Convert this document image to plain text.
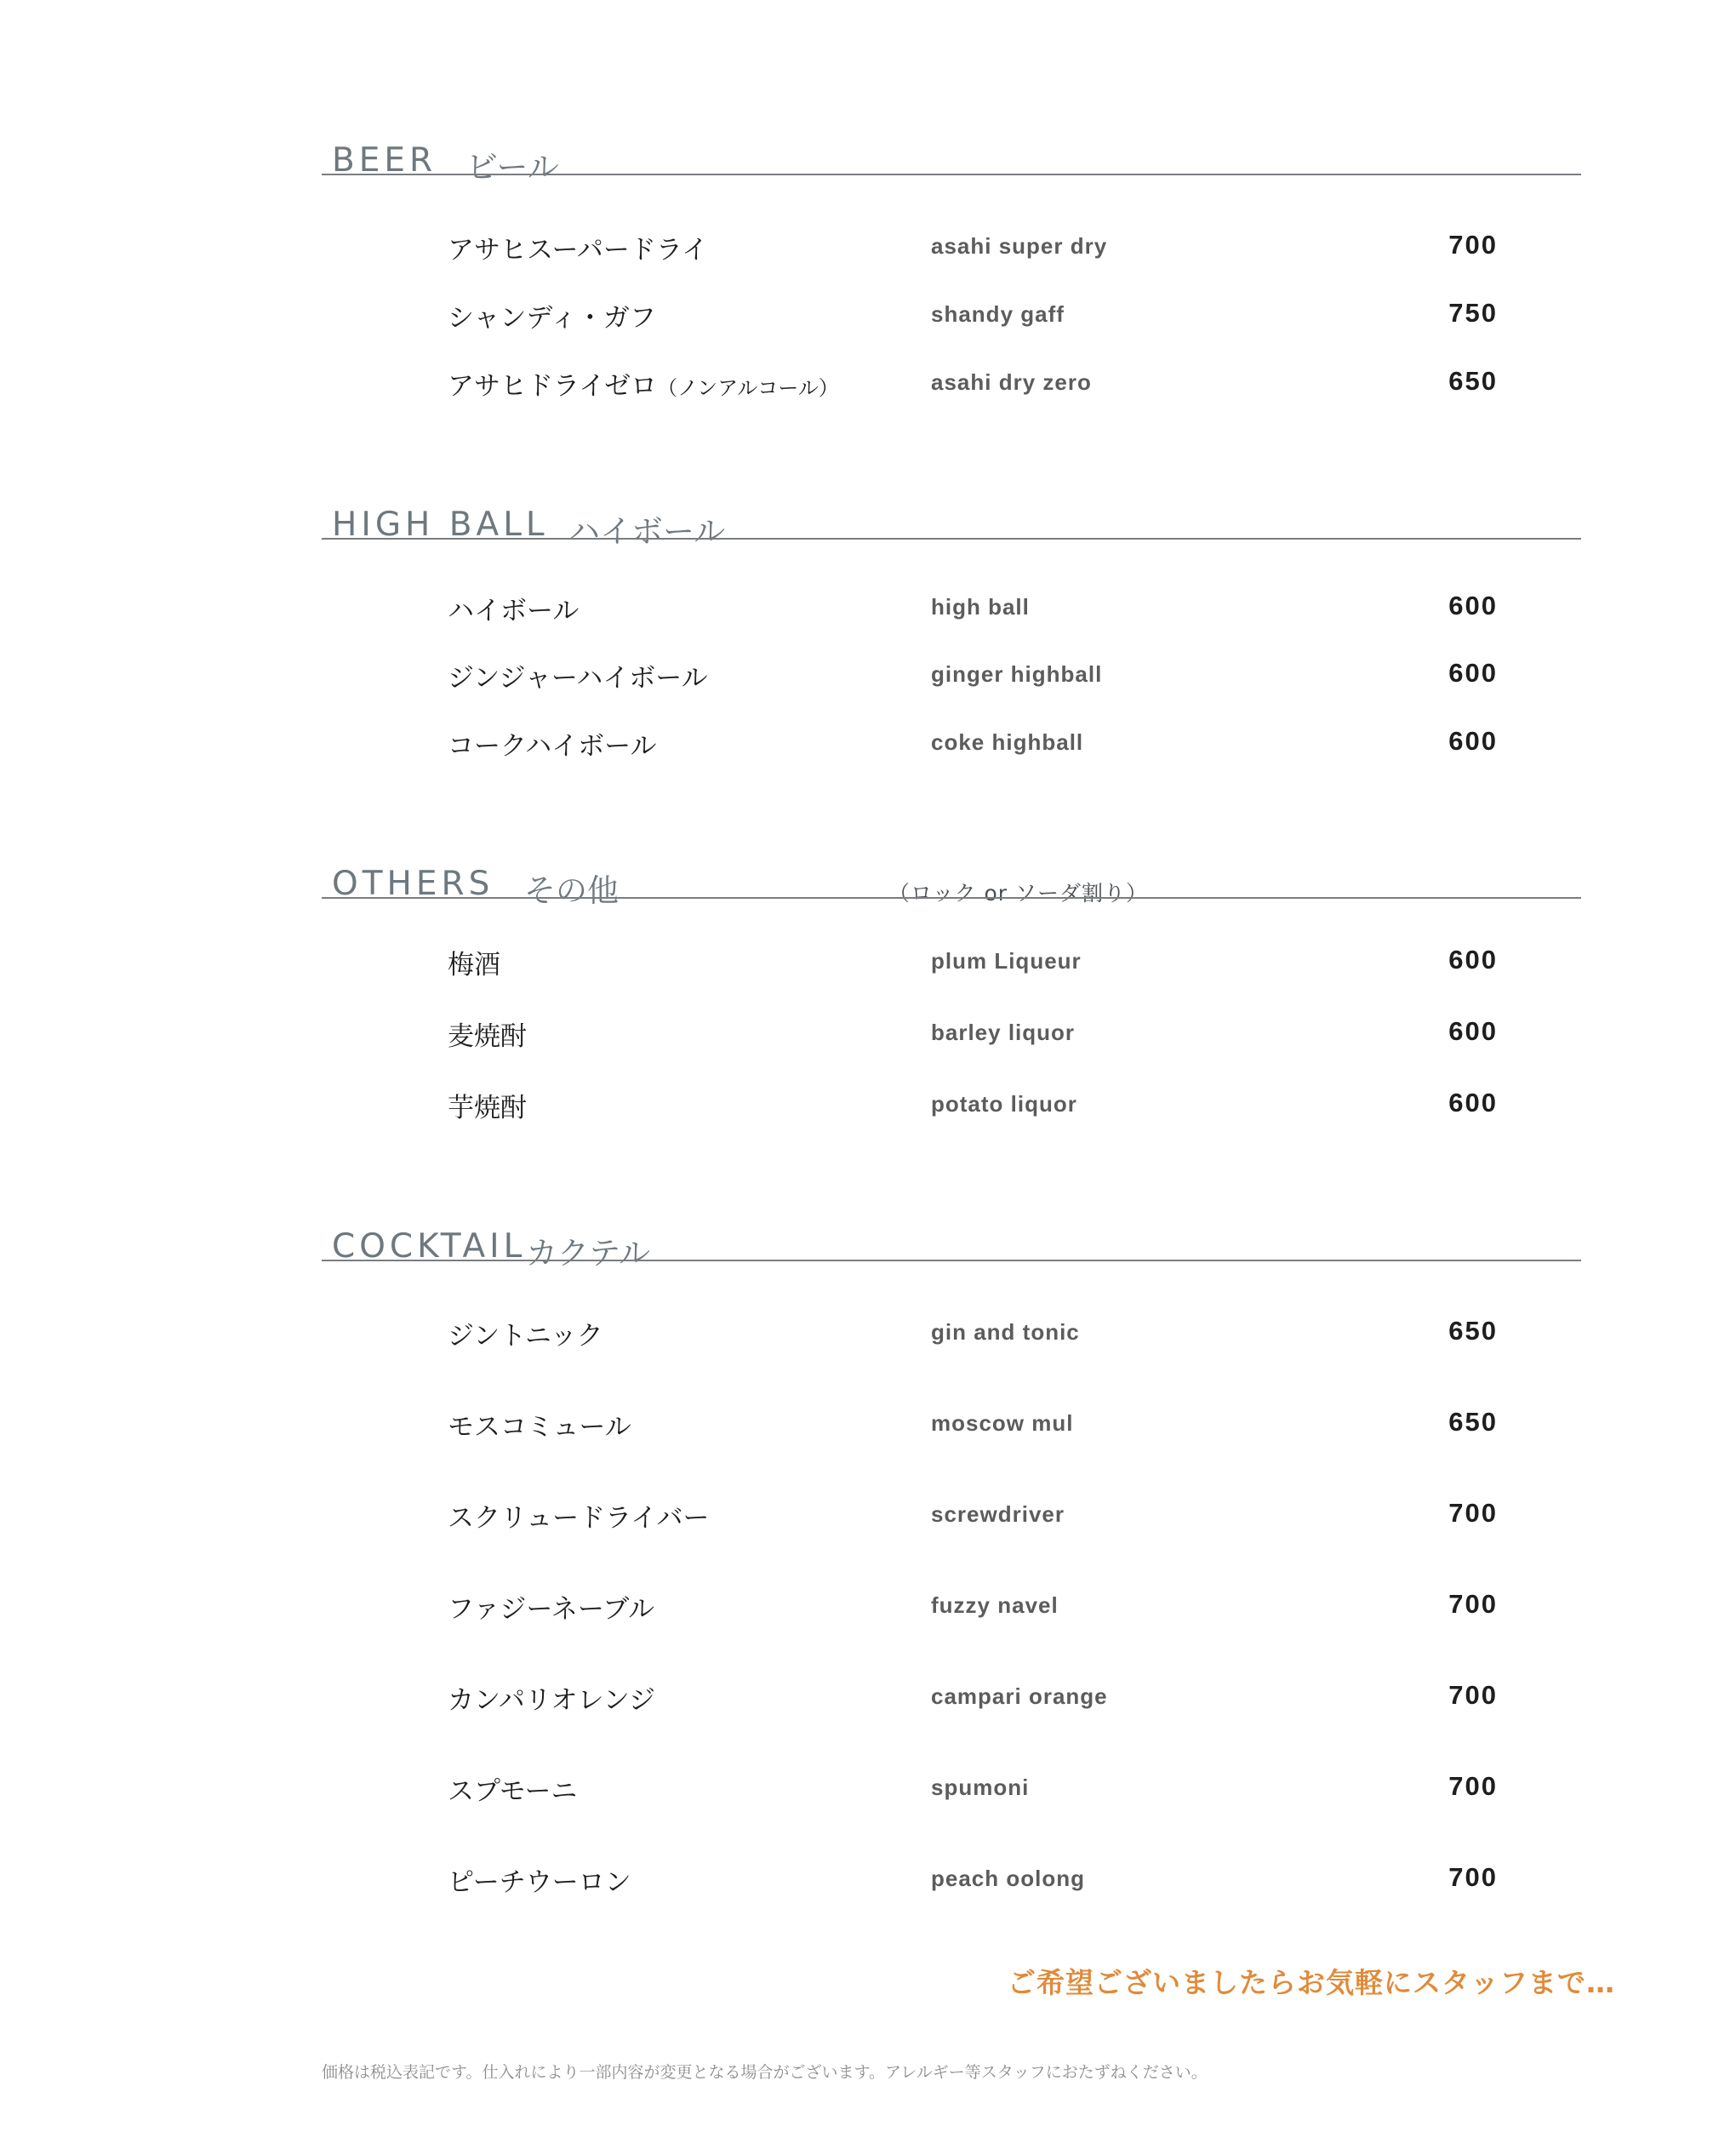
BEER ビール
アサヒスーパードライ	asahi super dry	700
シャンディ・ガフ	shandy gaff	750
アサヒドライゼロ（ノンアルコール）	asahi dry zero	650
HIGH BALL ハイボール
ハイボール	high ball	600
ジンジャーハイボール	ginger highball	600
コークハイボール	coke highball	600
OTHERS その他	（ロック or ソーダ割り）
梅酒	plum Liqueur	600
麦焼酎	barley liquor	600
芋焼酎	potato liquor	600
COCKTAIL カクテル
ジントニック	gin and tonic	650
モスコミュール	moscow mul	650
スクリュードライバー	screwdriver	700
ファジーネーブル	fuzzy navel	700
カンパリオレンジ	campari orange	700
スプモーニ	spumoni	700
ピーチウーロン	peach oolong	700
ご希望ございましたらお気軽にスタッフまで…
価格は税込表記です。仕入れにより一部内容が変更となる場合がございます。アレルギー等スタッフにおたずねください。
